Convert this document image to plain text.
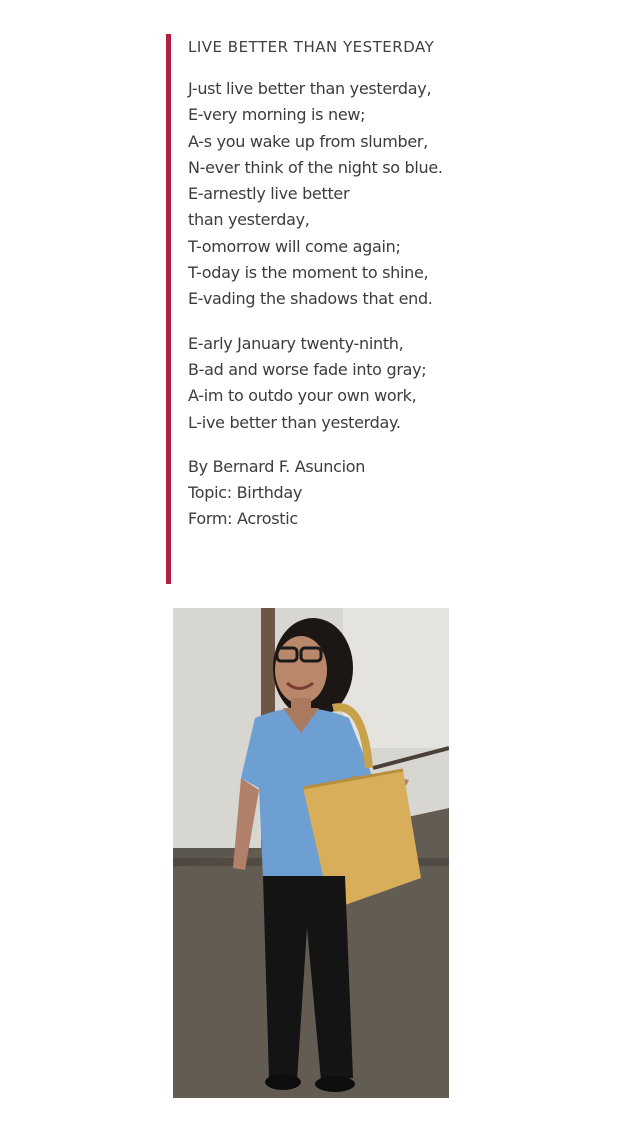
LIVE BETTER THAN YESTERDAY
J-ust live better than yesterday,
E-very morning is new;
A-s you wake up from slumber,
N-ever think of the night so blue.
E-arnestly live better
than yesterday,
T-omorrow will come again;
T-oday is the moment to shine,
E-vading the shadows that end.
E-arly January twenty-ninth,
B-ad and worse fade into gray;
A-im to outdo your own work,
L-ive better than yesterday.
By Bernard F. Asuncion
Topic: Birthday
Form: Acrostic
